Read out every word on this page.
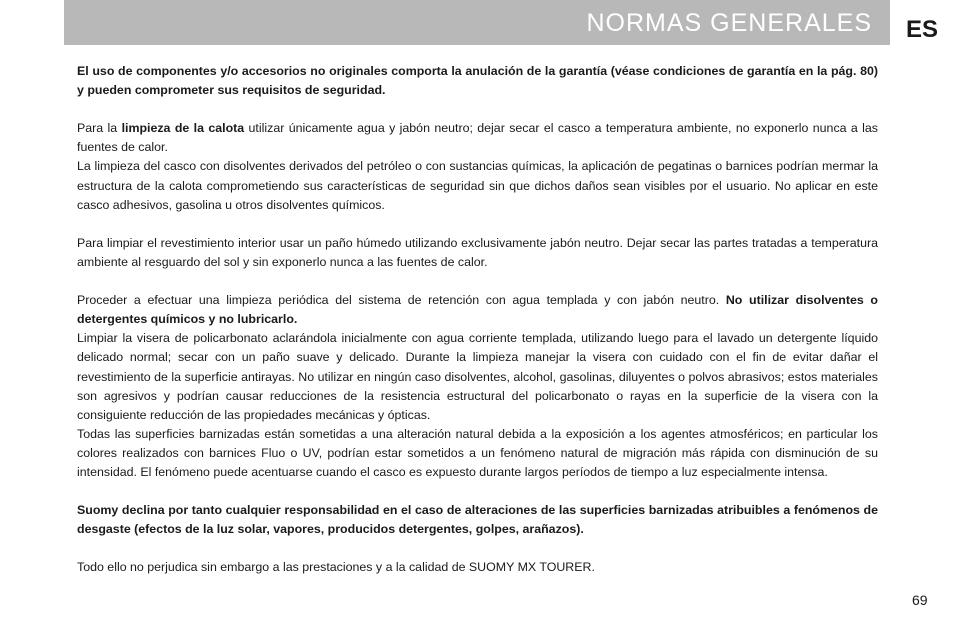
NORMAS GENERALES ES

El uso de componentes y/o accesorios no originales comporta la anulación de la garantía (véase condiciones de garantía en la pág. 80) y pueden comprometer sus requisitos de seguridad.

Para la limpieza de la calota utilizar únicamente agua y jabón neutro; dejar secar el casco a temperatura ambiente, no exponerlo nunca a las fuentes de calor.

La limpieza del casco con disolventes derivados del petróleo o con sustancias químicas, la aplicación de pegatinas o barnices podrían mermar la estructura de la calota comprometiendo sus características de seguridad sin que dichos daños sean visibles por el usuario. No aplicar en este casco adhesivos, gasolina u otros disolventes químicos.

Para limpiar el revestimiento interior usar un paño húmedo utilizando exclusivamente jabón neutro. Dejar secar las partes tratadas a temperatura ambiente al resguardo del sol y sin exponerlo nunca a las fuentes de calor.

Proceder a efectuar una limpieza periódica del sistema de retención con agua templada y con jabón neutro. No utilizar disolventes o detergentes químicos y no lubricarlo.

Limpiar la visera de policarbonato aclarándola inicialmente con agua corriente templada, utilizando luego para el lavado un detergente líquido delicado normal; secar con un paño suave y delicado. Durante la limpieza manejar la visera con cuidado con el fin de evitar dañar el revestimiento de la superficie antirayas. No utilizar en ningún caso disolventes, alcohol, gasolinas, diluyentes o polvos abrasivos; estos materiales son agresivos y podrían causar reducciones de la resistencia estructural del policarbonato o rayas en la superficie de la visera con la consiguiente reducción de las propiedades mecánicas y ópticas.

Todas las superficies barnizadas están sometidas a una alteración natural debida a la exposición a los agentes atmosféricos; en particular los colores realizados con barnices Fluo o UV, podrían estar sometidos a un fenómeno natural de migración más rápida con disminución de su intensidad. El fenómeno puede acentuarse cuando el casco es expuesto durante largos períodos de tiempo a luz especialmente intensa.

Suomy declina por tanto cualquier responsabilidad en el caso de alteraciones de las superficies barnizadas atribuibles a fenómenos de desgaste (efectos de la luz solar, vapores, producidos detergentes, golpes, arañazos).

Todo ello no perjudica sin embargo a las prestaciones y a la calidad de SUOMY MX TOURER.

69
